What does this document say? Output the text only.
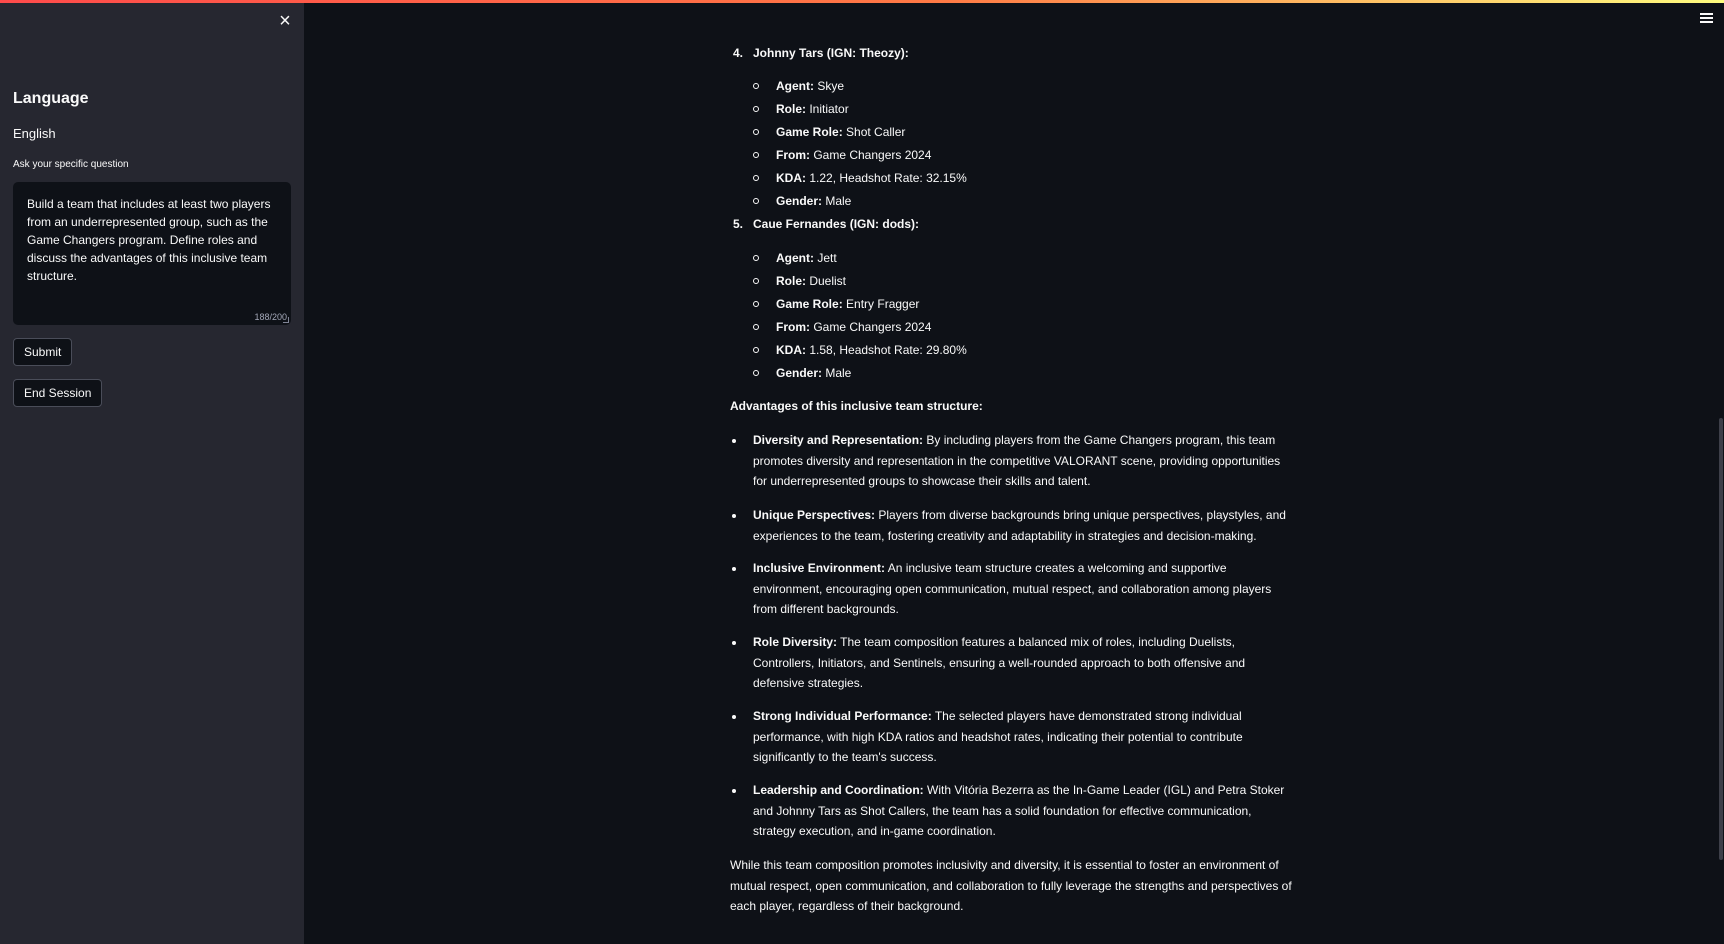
×
Language
English
Ask your specific question
Build a team that includes at least two players from an underrepresented group, such as the Game Changers program. Define roles and discuss the advantages of this inclusive team structure.
188/200
Submit
End Session
4. Johnny Tars (IGN: Theozy):
Agent: Skye
Role: Initiator
Game Role: Shot Caller
From: Game Changers 2024
KDA: 1.22, Headshot Rate: 32.15%
Gender: Male
5. Caue Fernandes (IGN: dods):
Agent: Jett
Role: Duelist
Game Role: Entry Fragger
From: Game Changers 2024
KDA: 1.58, Headshot Rate: 29.80%
Gender: Male
Advantages of this inclusive team structure:
Diversity and Representation: By including players from the Game Changers program, this team promotes diversity and representation in the competitive VALORANT scene, providing opportunities for underrepresented groups to showcase their skills and talent.
Unique Perspectives: Players from diverse backgrounds bring unique perspectives, playstyles, and experiences to the team, fostering creativity and adaptability in strategies and decision-making.
Inclusive Environment: An inclusive team structure creates a welcoming and supportive environment, encouraging open communication, mutual respect, and collaboration among players from different backgrounds.
Role Diversity: The team composition features a balanced mix of roles, including Duelists, Controllers, Initiators, and Sentinels, ensuring a well-rounded approach to both offensive and defensive strategies.
Strong Individual Performance: The selected players have demonstrated strong individual performance, with high KDA ratios and headshot rates, indicating their potential to contribute significantly to the team's success.
Leadership and Coordination: With Vitória Bezerra as the In-Game Leader (IGL) and Petra Stoker and Johnny Tars as Shot Callers, the team has a solid foundation for effective communication, strategy execution, and in-game coordination.
While this team composition promotes inclusivity and diversity, it is essential to foster an environment of mutual respect, open communication, and collaboration to fully leverage the strengths and perspectives of each player, regardless of their background.
